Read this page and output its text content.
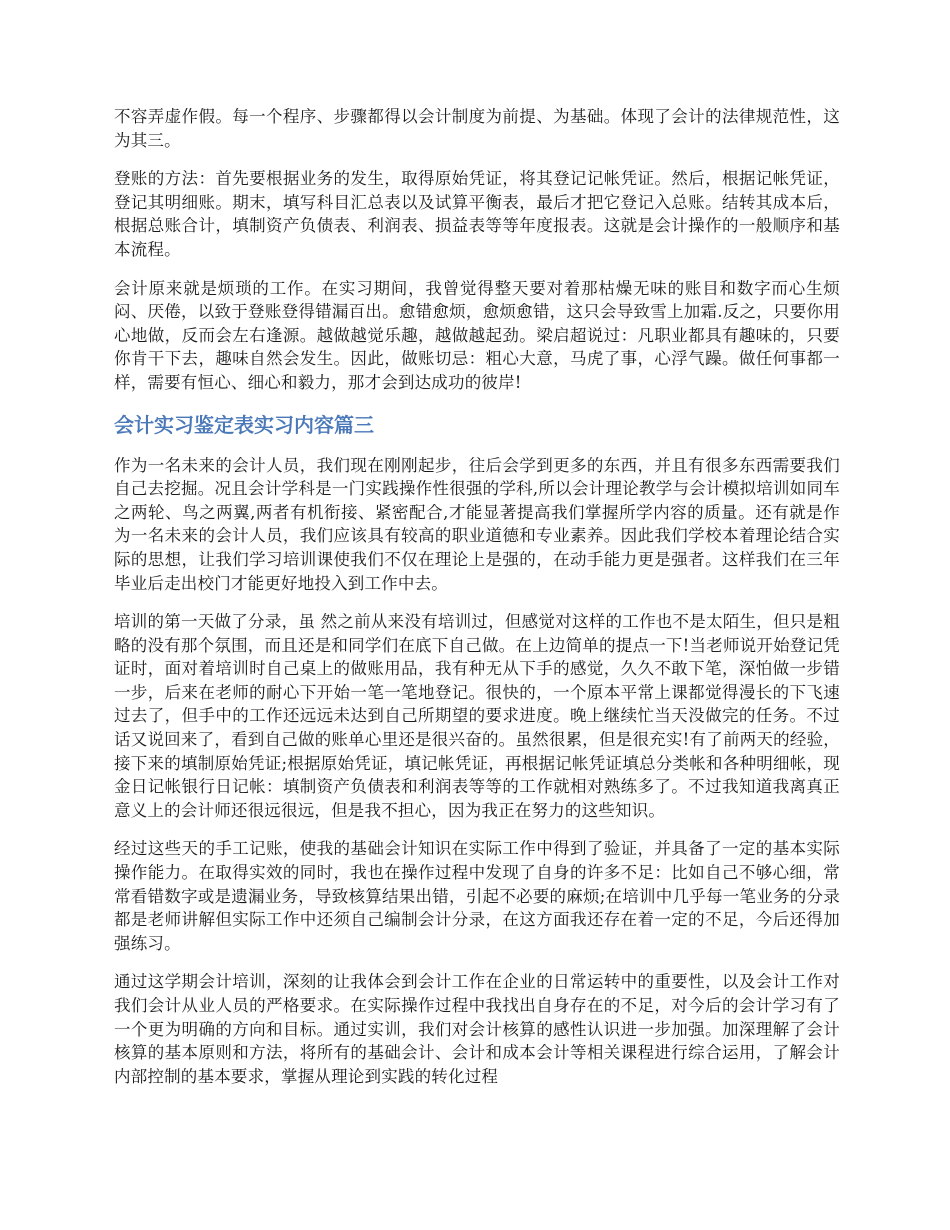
不容弄虚作假。每一个程序、步骤都得以会计制度为前提、为基础。体现了会计的法律规范性，这为其三。

登账的方法：首先要根据业务的发生，取得原始凭证，将其登记记帐凭证。然后，根据记帐凭证，登记其明细账。期末，填写科目汇总表以及试算平衡表，最后才把它登记入总账。结转其成本后，根据总账合计，填制资产负债表、利润表、损益表等等年度报表。这就是会计操作的一般顺序和基本流程。

会计原来就是烦琐的工作。在实习期间，我曾觉得整天要对着那枯燥无味的账目和数字而心生烦闷、厌倦，以致于登账登得错漏百出。愈错愈烦，愈烦愈错，这只会导致雪上加霜.反之，只要你用心地做，反而会左右逢源。越做越觉乐趣，越做越起劲。梁启超说过：凡职业都具有趣味的，只要你肯干下去，趣味自然会发生。因此，做账切忌：粗心大意，马虎了事，心浮气躁。做任何事都一样，需要有恒心、细心和毅力，那才会到达成功的彼岸!

会计实习鉴定表实习内容篇三

作为一名未来的会计人员，我们现在刚刚起步，往后会学到更多的东西，并且有很多东西需要我们自己去挖掘。况且会计学科是一门实践操作性很强的学科,所以会计理论教学与会计模拟培训如同车之两轮、鸟之两翼,两者有机衔接、紧密配合,才能显著提高我们掌握所学内容的质量。还有就是作为一名未来的会计人员，我们应该具有较高的职业道德和专业素养。因此我们学校本着理论结合实际的思想，让我们学习培训课使我们不仅在理论上是强的，在动手能力更是强者。这样我们在三年毕业后走出校门才能更好地投入到工作中去。

培训的第一天做了分录，虽 然之前从来没有培训过，但感觉对这样的工作也不是太陌生，但只是粗略的没有那个氛围，而且还是和同学们在底下自己做。在上边简单的提点一下!当老师说开始登记凭证时，面对着培训时自己桌上的做账用品，我有种无从下手的感觉，久久不敢下笔，深怕做一步错一步，后来在老师的耐心下开始一笔一笔地登记。很快的，一个原本平常上课都觉得漫长的下飞速过去了，但手中的工作还远远未达到自己所期望的要求进度。晚上继续忙当天没做完的任务。不过话又说回来了，看到自己做的账单心里还是很兴奋的。虽然很累，但是很充实!有了前两天的经验，接下来的填制原始凭证;根据原始凭证，填记帐凭证，再根据记帐凭证填总分类帐和各种明细帐，现金日记帐银行日记帐：填制资产负债表和利润表等等的工作就相对熟练多了。不过我知道我离真正意义上的会计师还很远很远，但是我不担心，因为我正在努力的这些知识。

经过这些天的手工记账，使我的基础会计知识在实际工作中得到了验证，并具备了一定的基本实际操作能力。在取得实效的同时，我也在操作过程中发现了自身的许多不足：比如自己不够心细，常常看错数字或是遗漏业务，导致核算结果出错，引起不必要的麻烦;在培训中几乎每一笔业务的分录都是老师讲解但实际工作中还须自己编制会计分录，在这方面我还存在着一定的不足，今后还得加强练习。

通过这学期会计培训，深刻的让我体会到会计工作在企业的日常运转中的重要性，以及会计工作对我们会计从业人员的严格要求。在实际操作过程中我找出自身存在的不足，对今后的会计学习有了一个更为明确的方向和目标。通过实训，我们对会计核算的感性认识进一步加强。加深理解了会计核算的基本原则和方法，将所有的基础会计、会计和成本会计等相关课程进行综合运用，了解会计内部控制的基本要求，掌握从理论到实践的转化过程
